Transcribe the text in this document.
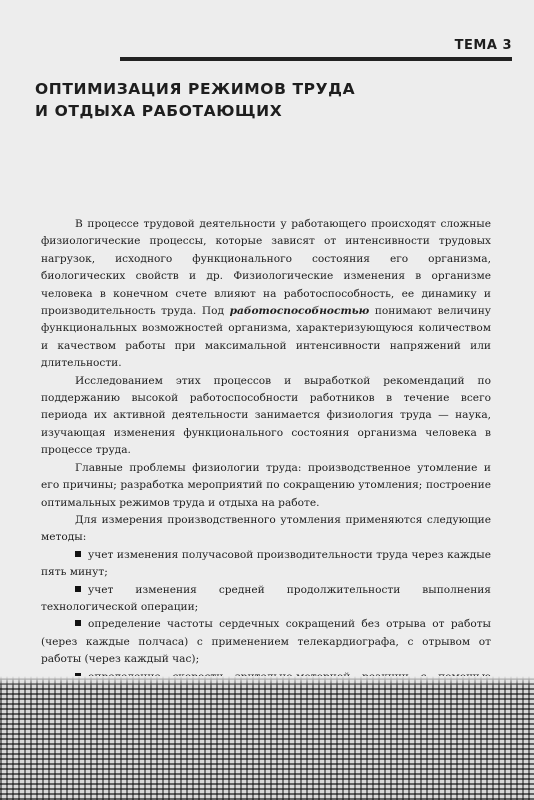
ТЕМА 3
ОПТИМИЗАЦИЯ РЕЖИМОВ ТРУДА
И ОТДЫХА РАБОТАЮЩИХ

В процессе трудовой деятельности у работающего происходят сложные физиологические процессы, которые зависят от интенсивности трудовых нагрузок, исходного функционального состояния его организма, биологических свойств и др. Физиологические изменения в организме человека в конечном счете влияют на работоспособность, ее динамику и производительность труда. Под работоспособностью понимают величину функциональных возможностей организма, характеризующуюся количеством и качеством работы при максимальной интенсивности напряжений или длительности.

Исследованием этих процессов и выработкой рекомендаций по поддержанию высокой работоспособности работников в течение всего периода их активной деятельности занимается физиология труда — наука, изучающая изменения функционального состояния организма человека в процессе труда.

Главные проблемы физиологии труда: производственное утомление и его причины; разработка мероприятий по сокращению утомления; построение оптимальных режимов труда и отдыха на работе.

Для измерения производственного утомления применяются следующие методы:

учет изменения получасовой производительности труда через каждые пять минут;
учет изменения средней продолжительности выполнения технологической операции;
определение частоты сердечных сокращений без отрыва от работы (через каждые полчаса) с применением телекардиографа, с отрывом от работы (через каждый час);
